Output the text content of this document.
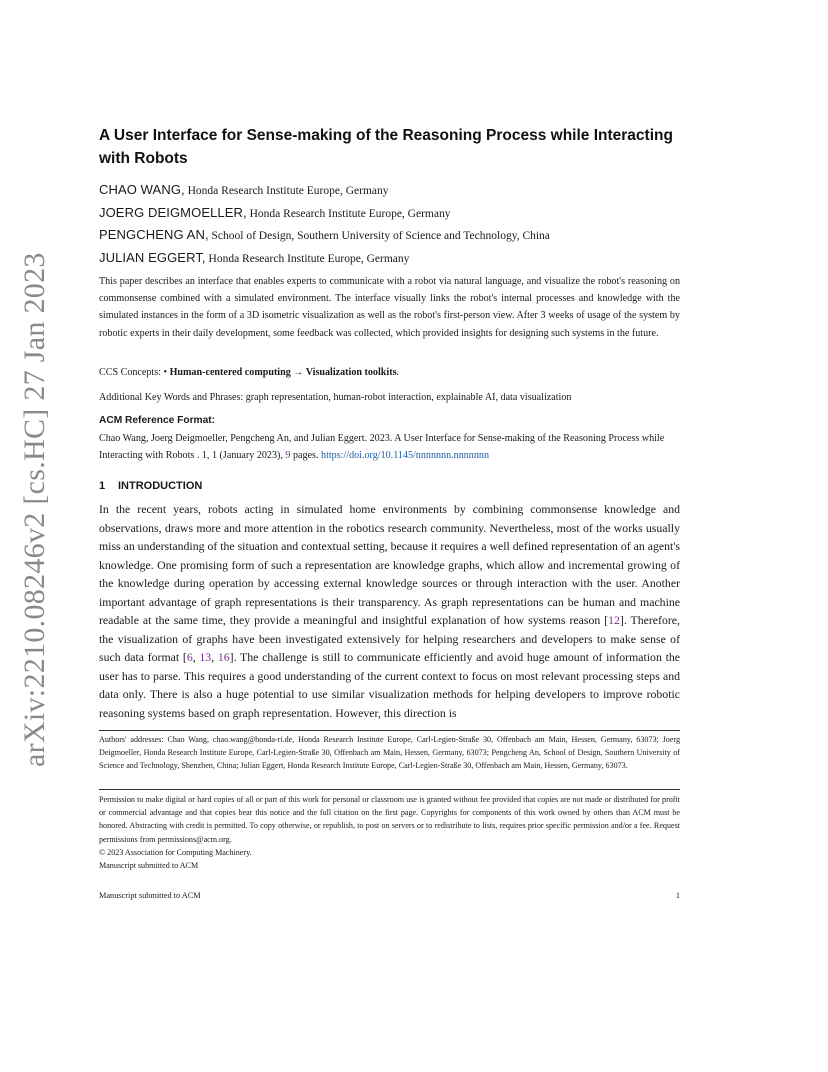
arXiv:2210.08246v2 [cs.HC] 27 Jan 2023
A User Interface for Sense-making of the Reasoning Process while Interacting with Robots
CHAO WANG, Honda Research Institute Europe, Germany
JOERG DEIGMOELLER, Honda Research Institute Europe, Germany
PENGCHENG AN, School of Design, Southern University of Science and Technology, China
JULIAN EGGERT, Honda Research Institute Europe, Germany

This paper describes an interface that enables experts to communicate with a robot via natural language, and visualize the robot's reasoning on commonsense combined with a simulated environment. The interface visually links the robot's internal processes and knowledge with the simulated instances in the form of a 3D isometric visualization as well as the robot's first-person view. After 3 weeks of usage of the system by robotic experts in their daily development, some feedback was collected, which provided insights for designing such systems in the future.

CCS Concepts: • Human-centered computing → Visualization toolkits.
Additional Key Words and Phrases: graph representation, human-robot interaction, explainable AI, data visualization
ACM Reference Format:

Chao Wang, Joerg Deigmoeller, Pengcheng An, and Julian Eggert. 2023. A User Interface for Sense-making of the Reasoning Process while Interacting with Robots . 1, 1 (January 2023), 9 pages. https://doi.org/10.1145/nnnnnnn.nnnnnnn

1 INTRODUCTION

In the recent years, robots acting in simulated home environments by combining commonsense knowledge and observations, draws more and more attention in the robotics research community. Nevertheless, most of the works usually miss an understanding of the situation and contextual setting, because it requires a well defined representation of an agent's knowledge. One promising form of such a representation are knowledge graphs, which allow and incremental growing of the knowledge during operation by accessing external knowledge sources or through interaction with the user. Another important advantage of graph representations is their transparency. As graph representations can be human and machine readable at the same time, they provide a meaningful and insightful explanation of how systems reason [12]. Therefore, the visualization of graphs have been investigated extensively for helping researchers and developers to make sense of such data format [6, 13, 16]. The challenge is still to communicate efficiently and avoid huge amount of information the user has to parse. This requires a good understanding of the current context to focus on most relevant processing steps and data only. There is also a huge potential to use similar visualization methods for helping developers to improve robotic reasoning systems based on graph representation. However, this direction is

Authors' addresses: Chao Wang, chao.wang@honda-ri.de, Honda Research Institute Europe, Carl-Legien-Straße 30, Offenbach am Main, Hessen, Germany, 63073; Joerg Deigmoeller, Honda Research Institute Europe, Carl-Legien-Straße 30, Offenbach am Main, Hessen, Germany, 63073; Pengcheng An, School of Design, Southern University of Science and Technology, Shenzhen, China; Julian Eggert, Honda Research Institute Europe, Carl-Legien-Straße 30, Offenbach am Main, Hessen, Germany, 63073.

Permission to make digital or hard copies of all or part of this work for personal or classroom use is granted without fee provided that copies are not made or distributed for profit or commercial advantage and that copies bear this notice and the full citation on the first page. Copyrights for components of this work owned by others than ACM must be honored. Abstracting with credit is permitted. To copy otherwise, or republish, to post on servers or to redistribute to lists, requires prior specific permission and/or a fee. Request permissions from permissions@acm.org.

© 2023 Association for Computing Machinery.

Manuscript submitted to ACM

Manuscript submitted to ACM	1
